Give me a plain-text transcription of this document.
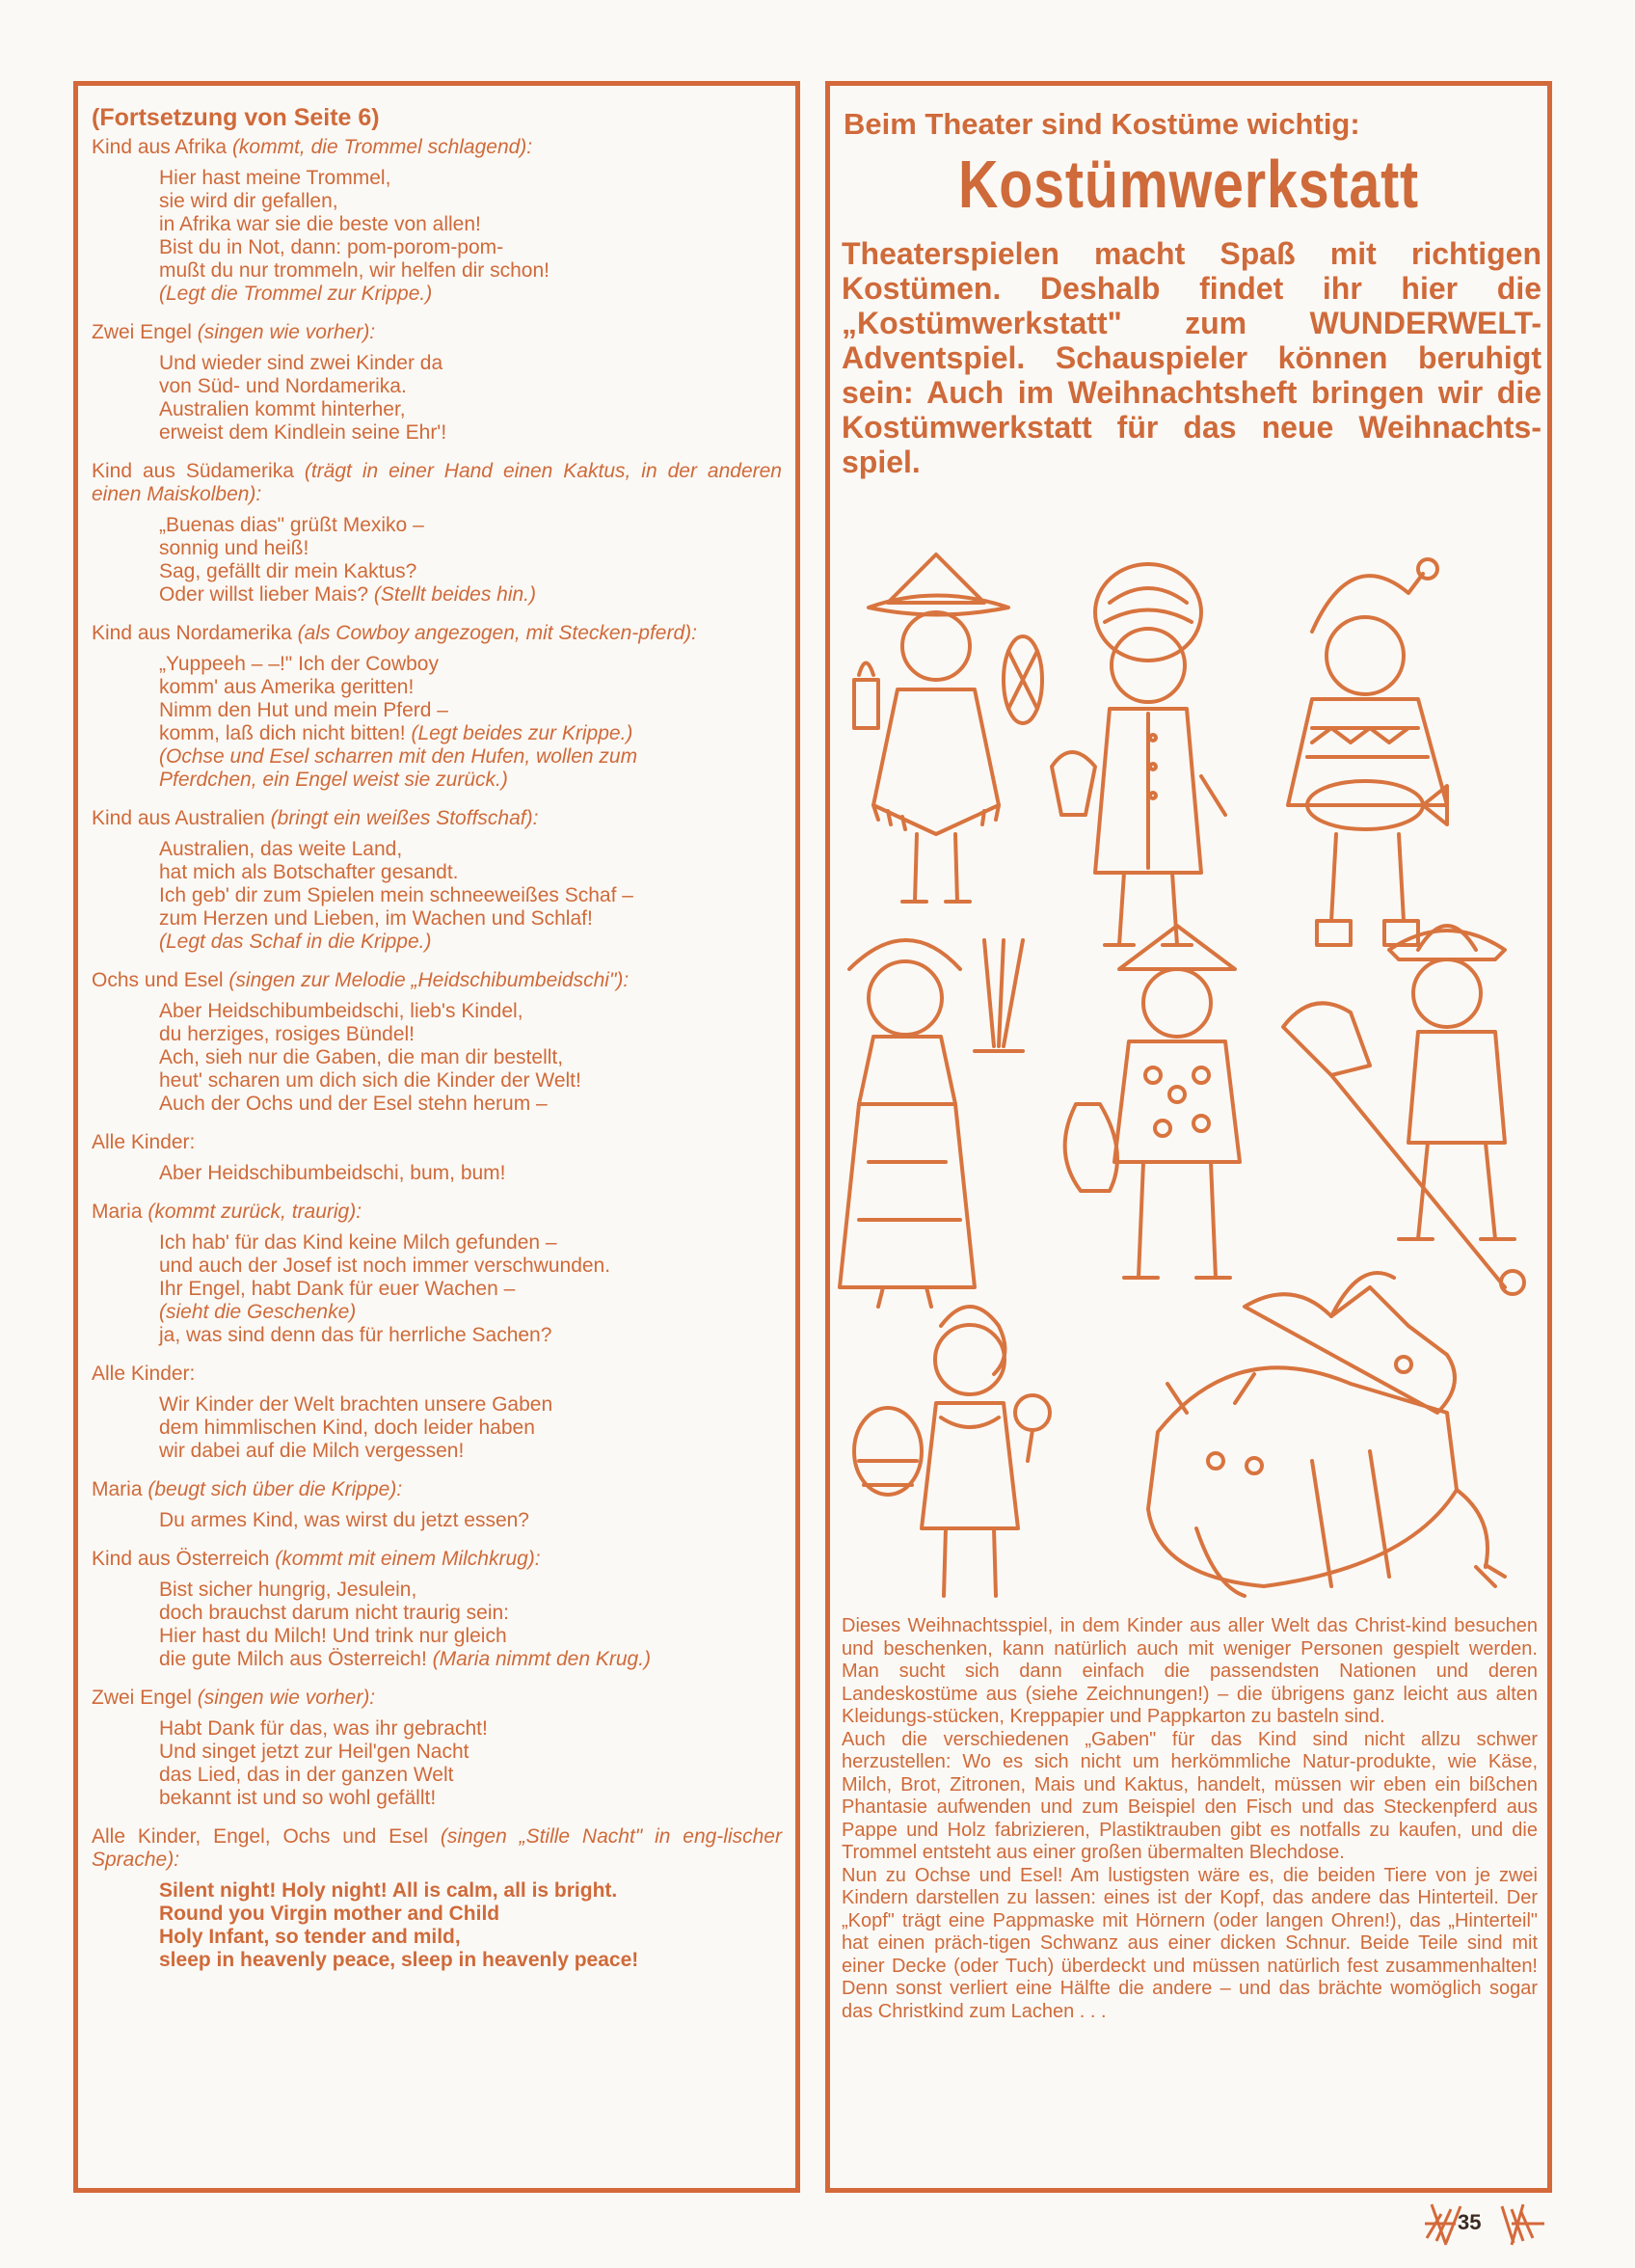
(Fortsetzung von Seite 6)
Kind aus Afrika (kommt, die Trommel schlagend):
Hier hast meine Trommel,
sie wird dir gefallen,
in Afrika war sie die beste von allen!
Bist du in Not, dann: pom-porom-pom-
mußt du nur trommeln, wir helfen dir schon!
(Legt die Trommel zur Krippe.)
Zwei Engel (singen wie vorher):
Und wieder sind zwei Kinder da
von Süd- und Nordamerika.
Australien kommt hinterher,
erweist dem Kindlein seine Ehr'!
Kind aus Südamerika (trägt in einer Hand einen Kaktus, in der anderen einen Maiskolben):
„Buenas dias" grüßt Mexiko –
sonnig und heiß!
Sag, gefällt dir mein Kaktus?
Oder willst lieber Mais? (Stellt beides hin.)
Kind aus Nordamerika (als Cowboy angezogen, mit Stecken-pferd):
„Yuppeeh – –!" Ich der Cowboy
komm' aus Amerika geritten!
Nimm den Hut und mein Pferd –
komm, laß dich nicht bitten! (Legt beides zur Krippe.)
(Ochse und Esel scharren mit den Hufen, wollen zum
Pferdchen, ein Engel weist sie zurück.)
Kind aus Australien (bringt ein weißes Stoffschaf):
Australien, das weite Land,
hat mich als Botschafter gesandt.
Ich geb' dir zum Spielen mein schneeweißes Schaf –
zum Herzen und Lieben, im Wachen und Schlaf!
(Legt das Schaf in die Krippe.)
Ochs und Esel (singen zur Melodie „Heidschibumbeidschi"):
Aber Heidschibumbeidschi, lieb's Kindel,
du herziges, rosiges Bündel!
Ach, sieh nur die Gaben, die man dir bestellt,
heut' scharen um dich sich die Kinder der Welt!
Auch der Ochs und der Esel stehn herum –
Alle Kinder:
Aber Heidschibumbeidschi, bum, bum!
Maria (kommt zurück, traurig):
Ich hab' für das Kind keine Milch gefunden –
und auch der Josef ist noch immer verschwunden.
Ihr Engel, habt Dank für euer Wachen –
(sieht die Geschenke)
ja, was sind denn das für herrliche Sachen?
Alle Kinder:
Wir Kinder der Welt brachten unsere Gaben
dem himmlischen Kind, doch leider haben
wir dabei auf die Milch vergessen!
Maria (beugt sich über die Krippe):
Du armes Kind, was wirst du jetzt essen?
Kind aus Österreich (kommt mit einem Milchkrug):
Bist sicher hungrig, Jesulein,
doch brauchst darum nicht traurig sein:
Hier hast du Milch! Und trink nur gleich
die gute Milch aus Österreich! (Maria nimmt den Krug.)
Zwei Engel (singen wie vorher):
Habt Dank für das, was ihr gebracht!
Und singet jetzt zur Heil'gen Nacht
das Lied, das in der ganzen Welt
bekannt ist und so wohl gefällt!
Alle Kinder, Engel, Ochs und Esel (singen „Stille Nacht" in eng-lischer Sprache):
Silent night! Holy night! All is calm, all is bright.
Round you Virgin mother and Child
Holy Infant, so tender and mild,
sleep in heavenly peace, sleep in heavenly peace!
Beim Theater sind Kostüme wichtig:
Kostümwerkstatt
Theaterspielen macht Spaß mit richtigen Kostümen. Deshalb findet ihr hier die „Kostümwerkstatt" zum WUNDERWELT-Adventspiel. Schauspieler können beruhigt sein: Auch im Weihnachtsheft bringen wir die Kostümwerkstatt für das neue Weihnachts-spiel.

Dieses Weihnachtsspiel, in dem Kinder aus aller Welt das Christ-kind besuchen und beschenken, kann natürlich auch mit weniger Personen gespielt werden. Man sucht sich dann einfach die passendsten Nationen und deren Landeskostüme aus (siehe Zeichnungen!) – die übrigens ganz leicht aus alten Kleidungs-stücken, Kreppapier und Pappkarton zu basteln sind.

Auch die verschiedenen „Gaben" für das Kind sind nicht allzu schwer herzustellen: Wo es sich nicht um herkömmliche Natur-produkte, wie Käse, Milch, Brot, Zitronen, Mais und Kaktus, handelt, müssen wir eben ein bißchen Phantasie aufwenden und zum Beispiel den Fisch und das Steckenpferd aus Pappe und Holz fabrizieren, Plastiktrauben gibt es notfalls zu kaufen, und die Trommel entsteht aus einer großen übermalten Blechdose.

Nun zu Ochse und Esel! Am lustigsten wäre es, die beiden Tiere von je zwei Kindern darstellen zu lassen: eines ist der Kopf, das andere das Hinterteil. Der „Kopf" trägt eine Pappmaske mit Hörnern (oder langen Ohren!), das „Hinterteil" hat einen präch-tigen Schwanz aus einer dicken Schnur. Beide Teile sind mit einer Decke (oder Tuch) überdeckt und müssen natürlich fest zusammenhalten! Denn sonst verliert eine Hälfte die andere – und das brächte womöglich sogar das Christkind zum Lachen . . .

35
